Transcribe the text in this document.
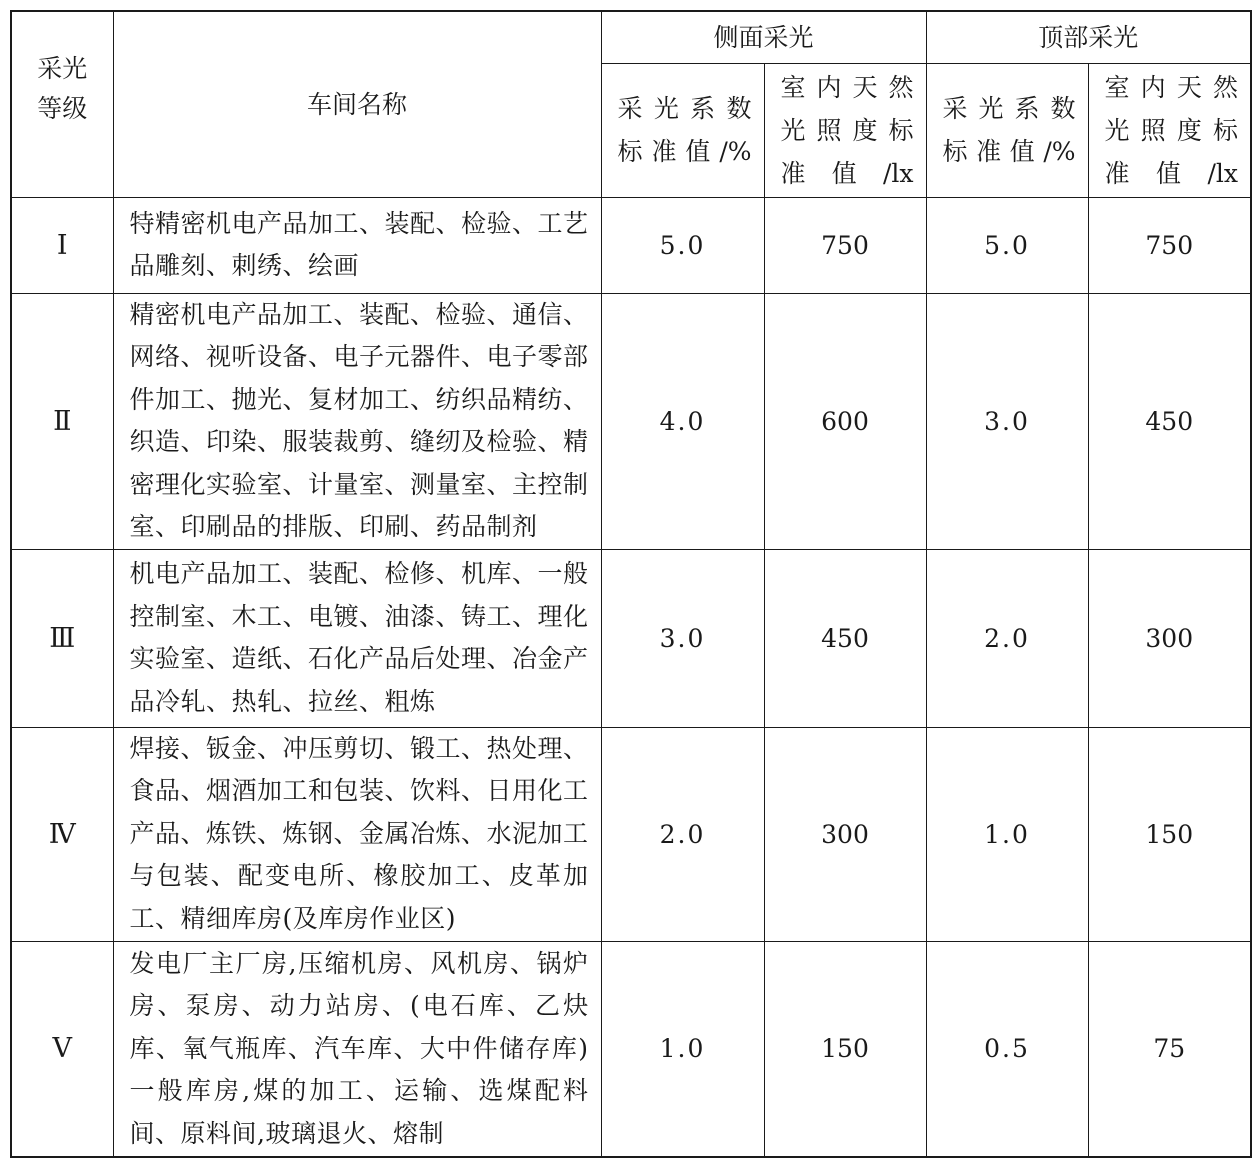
采光
等级	车间名称	侧面采光		顶部采光	
		采 光 系 数 标准值/%	室 内 天 然 光 照 度 标 准值/lx	采 光 系 数 标准值/%	室 内 天 然 光 照 度 标 准值/lx
Ⅰ	特精密机电产品加工、装配、检验、工艺品雕刻、刺绣、绘画	5.0	750	5.0	750
Ⅱ	精密机电产品加工、装配、检验、通信、网络、视听设备、电子元器件、电子零部件加工、抛光、复材加工、纺织品精纺、织造、印染、服装裁剪、缝纫及检验、精密理化实验室、计量室、测量室、主控制室、印刷品的排版、印刷、药品制剂	4.0	600	3.0	450
Ⅲ	机电产品加工、装配、检修、机库、一般控制室、木工、电镀、油漆、铸工、理化实验室、造纸、石化产品后处理、冶金产品冷轧、热轧、拉丝、粗炼	3.0	450	2.0	300
Ⅳ	焊接、钣金、冲压剪切、锻工、热处理、食品、烟酒加工和包装、饮料、日用化工产品、炼铁、炼钢、金属冶炼、水泥加工与包装、配变电所、橡胶加工、皮革加工、精细库房(及库房作业区)	2.0	300	1.0	150
Ⅴ	发电厂主厂房,压缩机房、风机房、锅炉房、泵房、动力站房、(电石库、乙炔库、氧气瓶库、汽车库、大中件储存库)一般库房,煤的加工、运输、选煤配料间、原料间,玻璃退火、熔制	1.0	150	0.5	75
